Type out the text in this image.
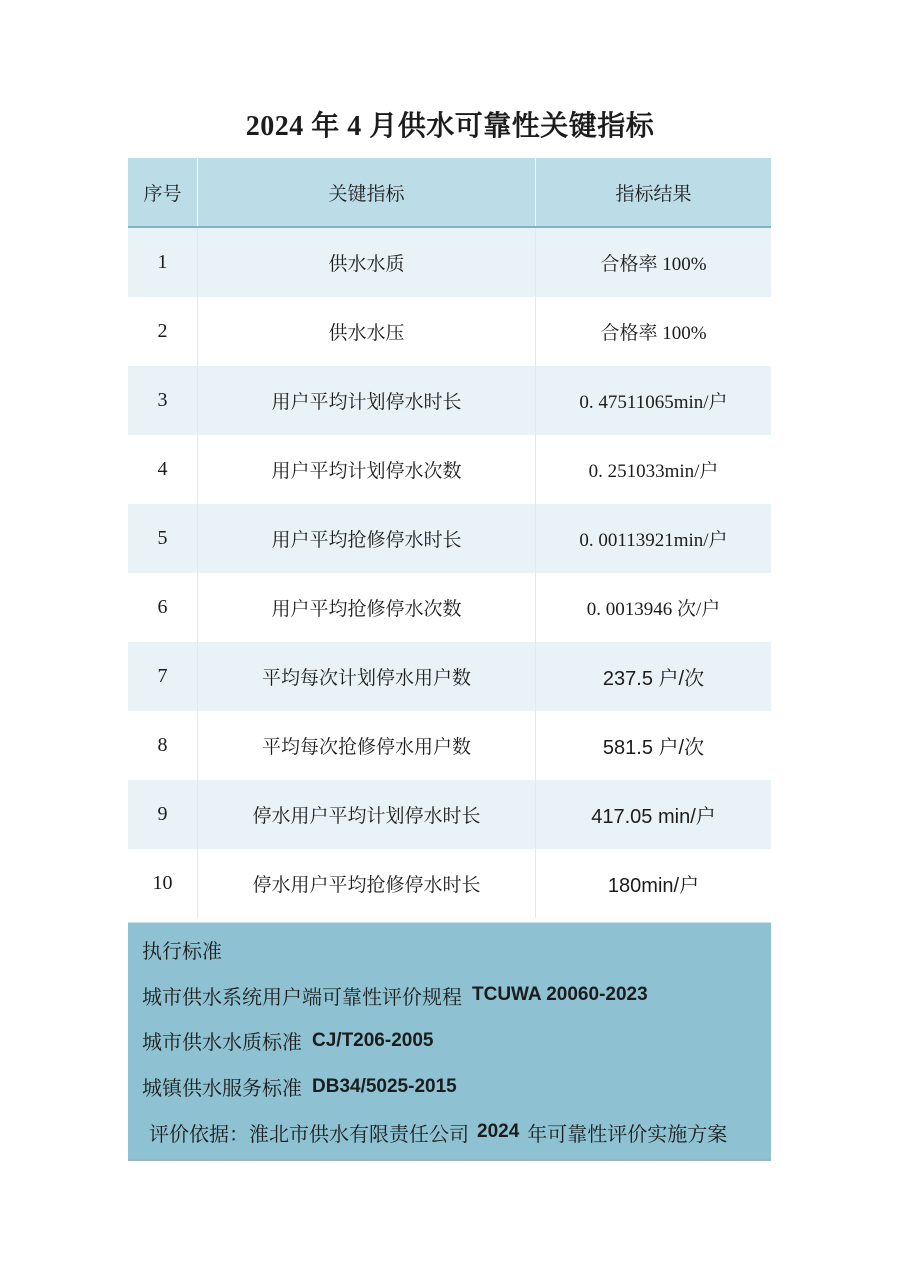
2024 年 4 月供水可靠性关键指标
序号	关键指标	指标结果
1	供水水质	合格率 100%
2	供水水压	合格率 100%
3	用户平均计划停水时长	0. 47511065min/户
4	用户平均计划停水次数	0. 251033min/户
5	用户平均抢修停水时长	0. 00113921min/户
6	用户平均抢修停水次数	0. 0013946 次/户
7	平均每次计划停水用户数	237.5 户/次
8	平均每次抢修停水用户数	581.5 户/次
9	停水用户平均计划停水时长	417.05 min/户
10	停水用户平均抢修停水时长	180min/户
执行标准
城市供水系统用户端可靠性评价规程 TCUWA 20060-2023
城市供水水质标准 CJ/T206-2005
城镇供水服务标准 DB34/5025-2015
评价依据：淮北市供水有限责任公司 2024 年可靠性评价实施方案
